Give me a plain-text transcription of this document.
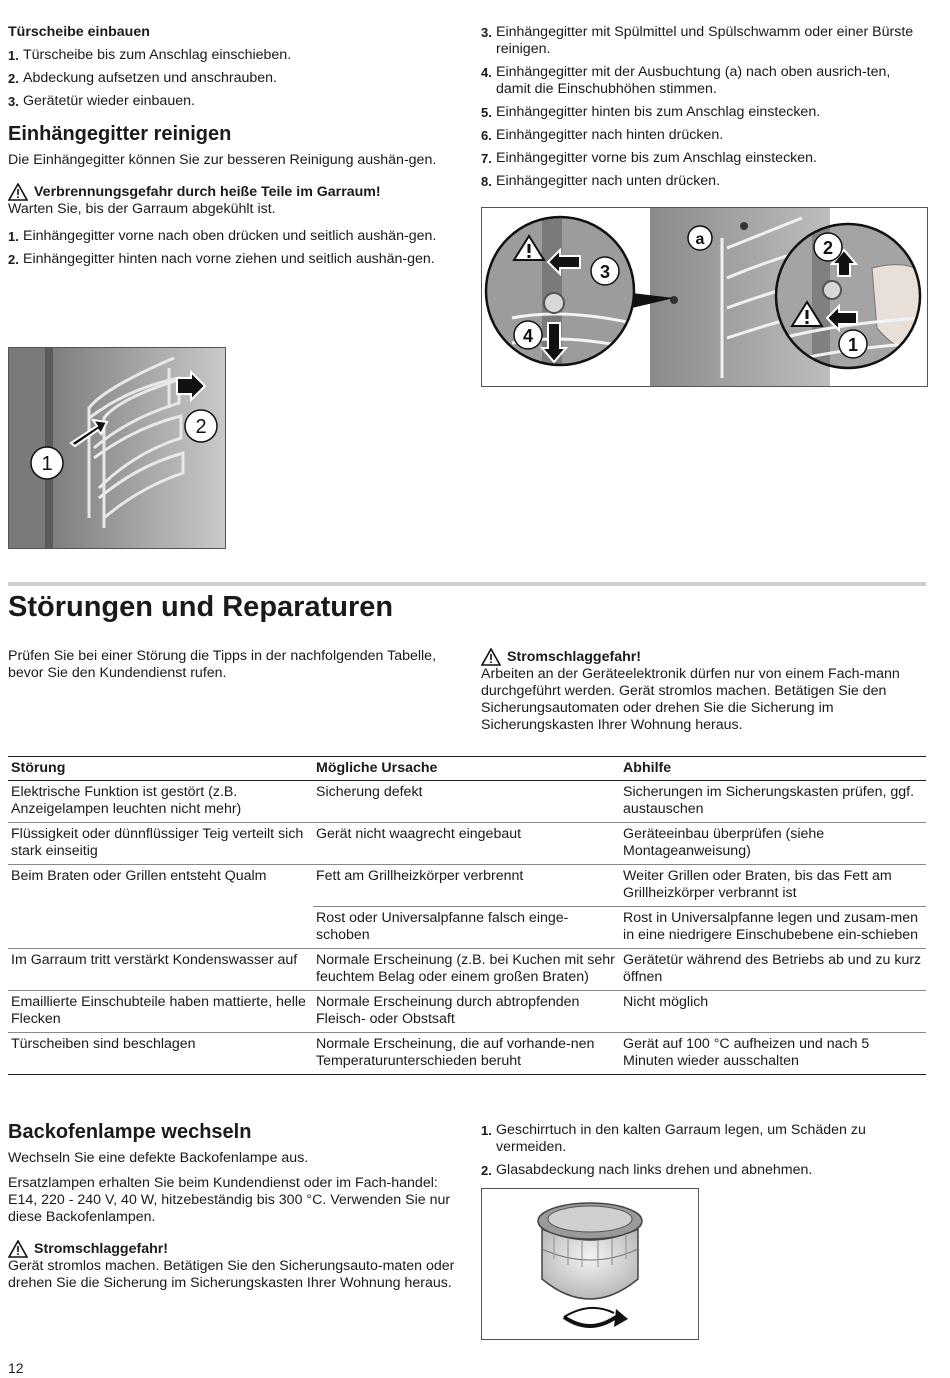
Türscheibe einbauen
1. Türscheibe bis zum Anschlag einschieben.
2. Abdeckung aufsetzen und anschrauben.
3. Gerätetür wieder einbauen.
Einhängegitter reinigen

Die Einhängegitter können Sie zur besseren Reinigung aushän-gen.

Verbrennungsgefahr durch heiße Teile im Garraum!

Warten Sie, bis der Garraum abgekühlt ist.

1. Einhängegitter vorne nach oben drücken und seitlich aushän-gen.
2. Einhängegitter hinten nach vorne ziehen und seitlich aushän-gen.
1
2
3. Einhängegitter mit Spülmittel und Spülschwamm oder einer Bürste reinigen.
4. Einhängegitter mit der Ausbuchtung (a) nach oben ausrich-ten, damit die Einschubhöhen stimmen.
5. Einhängegitter hinten bis zum Anschlag einstecken.
6. Einhängegitter nach hinten drücken.
7. Einhängegitter vorne bis zum Anschlag einstecken.
8. Einhängegitter nach unten drücken.
3
4
a	2
1
Störungen und Reparaturen

Prüfen Sie bei einer Störung die Tipps in der nachfolgenden Tabelle, bevor Sie den Kundendienst rufen.

Stromschlaggefahr!

Arbeiten an der Geräteelektronik dürfen nur von einem Fach-mann durchgeführt werden. Gerät stromlos machen. Betätigen Sie den Sicherungsautomaten oder drehen Sie die Sicherung im Sicherungskasten Ihrer Wohnung heraus.

Störung	Mögliche Ursache	Abhilfe
Elektrische Funktion ist gestört (z.B. Anzeigelampen leuchten nicht mehr)	Sicherung defekt	Sicherungen im Sicherungskasten prüfen, ggf. austauschen
Flüssigkeit oder dünnflüssiger Teig verteilt sich stark einseitig	Gerät nicht waagrecht eingebaut	Geräteeinbau überprüfen (siehe Montageanweisung)
Beim Braten oder Grillen entsteht Qualm	Fett am Grillheizkörper verbrennt	Weiter Grillen oder Braten, bis das Fett am Grillheizkörper verbrannt ist
	Rost oder Universalpfanne falsch einge-schoben	Rost in Universalpfanne legen und zusam-men in eine niedrigere Einschubebene ein-schieben
Im Garraum tritt verstärkt Kondenswasser auf	Normale Erscheinung (z.B. bei Kuchen mit sehr feuchtem Belag oder einem großen Braten)	Gerätetür während des Betriebs ab und zu kurz öffnen
Emaillierte Einschubteile haben mattierte, helle Flecken	Normale Erscheinung durch abtropfenden Fleisch- oder Obstsaft	Nicht möglich
Türscheiben sind beschlagen	Normale Erscheinung, die auf vorhande-nen Temperaturunterschieden beruht	Gerät auf 100 °C aufheizen und nach 5 Minuten wieder ausschalten
Backofenlampe wechseln

Wechseln Sie eine defekte Backofenlampe aus.

Ersatzlampen erhalten Sie beim Kundendienst oder im Fach-handel: E14, 220 - 240 V, 40 W, hitzebeständig bis 300 °C. Verwenden Sie nur diese Backofenlampen.

Stromschlaggefahr!

Gerät stromlos machen. Betätigen Sie den Sicherungsauto-maten oder drehen Sie die Sicherung im Sicherungskasten Ihrer Wohnung heraus.

1. Geschirrtuch in den kalten Garraum legen, um Schäden zu vermeiden.
2. Glasabdeckung nach links drehen und abnehmen.
12
